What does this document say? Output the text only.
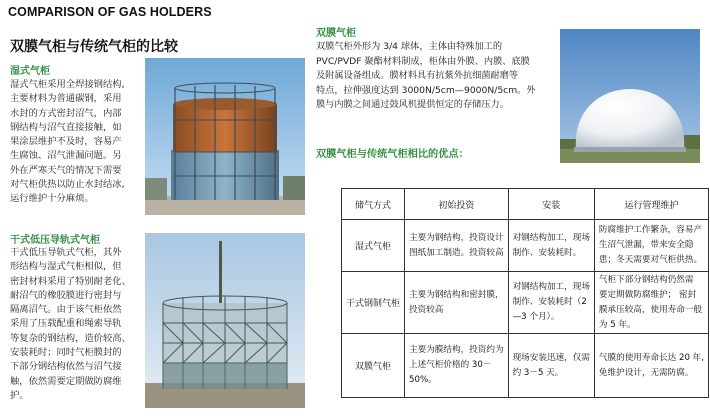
COMPARISON OF GAS HOLDERS
双膜气柜与传统气柜的比较
湿式气柜
湿式气柜采用全焊接钢结构,
主要材料为普通碳钢，采用
水封的方式密封沼气，内部
钢结构与沼气直接接触，如
果涂层维护不及时，容易产
生腐蚀、沼气泄漏问题。另
外在严寒天气的情况下需要
对气柜供热以防止水封结冰,
运行维护十分麻烦。
干式低压导轨式气柜
干式低压导轨式气柜，其外
形结构与湿式气柜相似，但
密封材料采用了特别耐老化、
耐沼气的橡胶膜进行密封与
隔离沼气。由于该气柜依然
采用了压载配重和绳索导轨
等复杂的钢结构，造价较高、
安装耗时；同时气柜膜封的
下部分钢结构依然与沼气接
触，依然需要定期做防腐维
护。
双膜气柜
双膜气柜外形为 3/4 球体，主体由特殊加工的
PVC/PVDF 聚酯材料制成，柜体由外膜、内膜、底膜
及附属设备组成。膜材料具有抗紫外抗细菌耐磨等
特点，拉伸强度达到 3000N/5cm—9000N/5cm。外
膜与内膜之间通过鼓风机提供恒定的存储压力。
双膜气柜与传统气柜相比的优点：
储气方式	初始投资	安装	运行管理维护
湿式气柜	主要为钢结构，投资设计
图纸加工制造。投资较高	对钢结构加工，现场
制作、安装耗时。	防腐维护工作繁杂，容易产
生沼气泄漏，带来安全隐
患；冬天需要对气柜供热。

干式钢制气柜	主要为钢结构和密封膜，
投资较高	对钢结构加工，现场
制作、安装耗时（2
—3 个月）。	气柜下部分钢结构仍然需
要定期做防腐维护； 密封
膜承压较高，使用寿命一般
为 5 年。

双膜气柜	主要为膜结构，投资约为
上述气柜价格的 30－
50%。	现场安装迅速，仅需
约 3－5 天。	气膜的使用寿命长达 20 年,
免维护设计，无需防腐。
